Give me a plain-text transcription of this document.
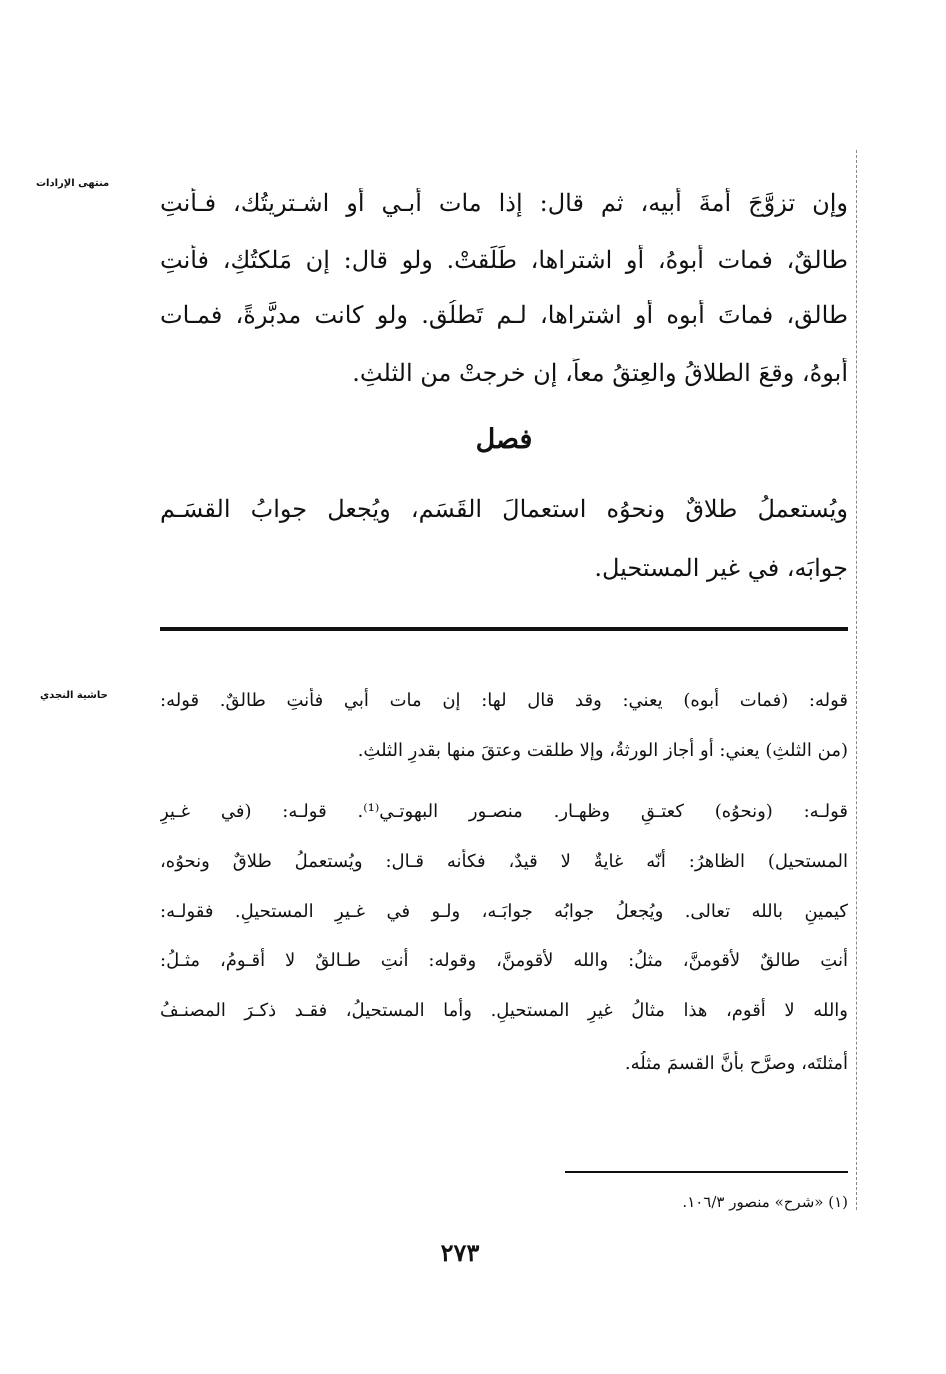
منتهى الإرادات
حاشية النجدي
وإن تزوَّجَ أمةَ أبيه، ثم قال: إذا مات أبـي أو اشـتريتُك، فـأنتِ
طالقٌ، فمات أبوهُ، أو اشتراها، طَلَقتْ. ولو قال: إن مَلكتُكِ، فأنتِ
طالق، فماتَ أبوه أو اشتراها، لـم تَطلُق. ولو كانت مدبَّرةً، فمـات
أبوهُ، وقعَ الطلاقُ والعِتقُ معاً، إن خرجتْ من الثلثِ.
فصل
ويُستعملُ طلاقٌ ونحوُه استعمالَ القَسَم، ويُجعل جوابُ القسَـم
جوابَه، في غير المستحيل.
قوله: (فمات أبوه) يعني: وقد قال لها: إن مات أبي فأنتِ طالقٌ. قوله:
(من الثلثِ) يعني: أو أجاز الورثةُ، وإلا طلقت وعتقَ منها بقدرِ الثلثِ.
قولـه: (ونحوُه) كعتـقٍ وظهـار. منصـور البهوتـي⁽¹⁾. قولـه: (في غـيرِ
المستحيل) الظاهرُ: أنّه غايةٌ لا قيدٌ، فكأنه قـال: ويُستعملُ طلاقٌ ونحوُه،
كيمينٍ بالله تعالى. ويُجعلُ جوابُه جوابَـه، ولـو في غـيرِ المستحيلِ. فقولـه:
أنتِ طالقٌ لأقومنَّ، مثلُ: والله لأقومنَّ، وقوله: أنتِ طـالقٌ لا أقـومُ، مثـلُ:
والله لا أقوم، هذا مثالُ غيرِ المستحيلِ. وأما المستحيلُ، فقـد ذكـرَ المصنـفُ
أمثلتَه، وصرَّح بأنَّ القسمَ مثلُه.
(١) «شرح» منصور ١٠٦/٣.
٢٧٣
